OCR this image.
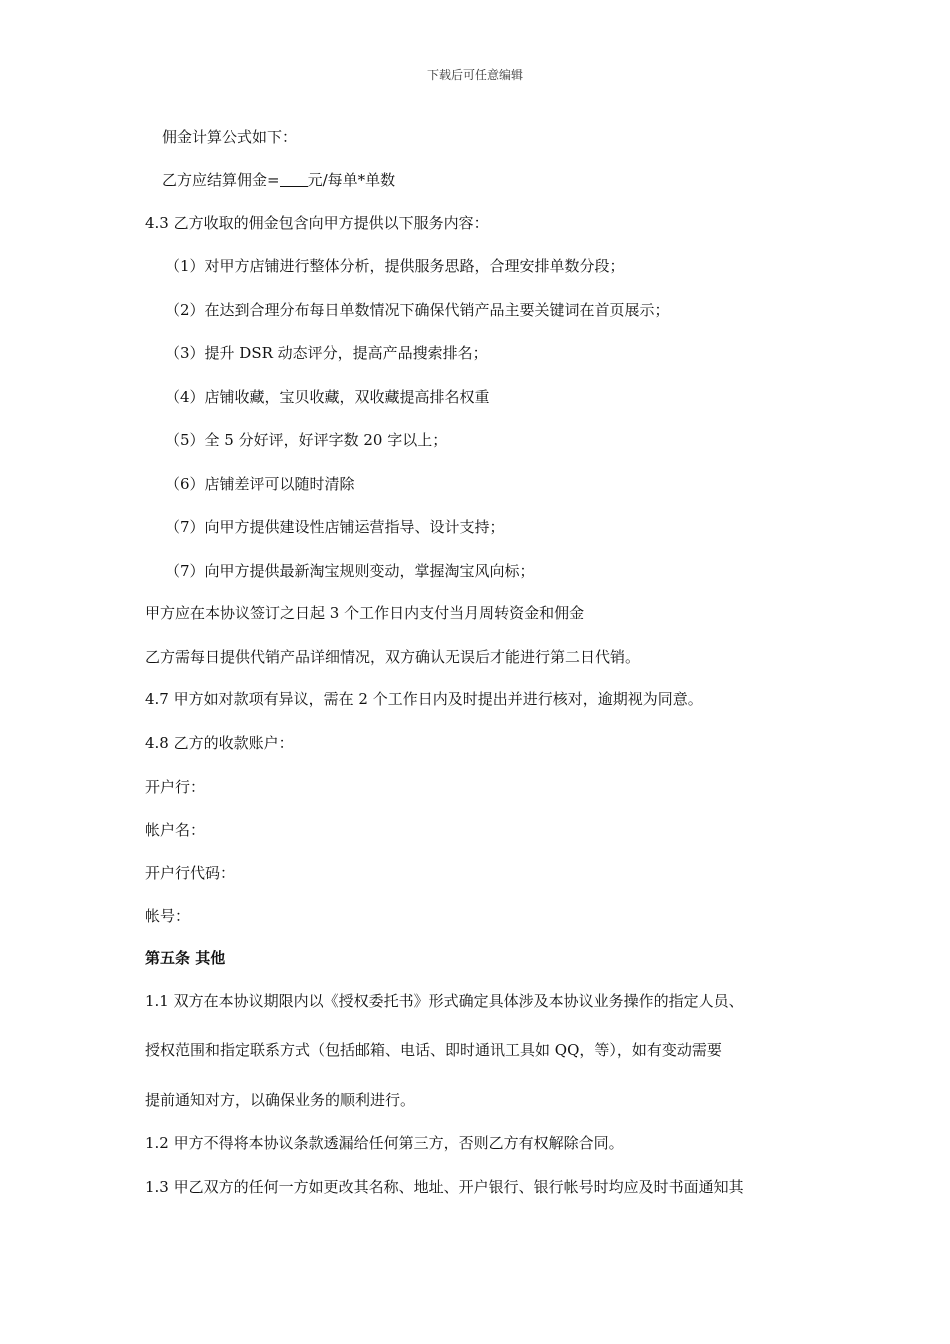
下载后可任意编辑
佣金计算公式如下：
乙方应结算佣金= 元/每单*单数
4.3 乙方收取的佣金包含向甲方提供以下服务内容：
（1）对甲方店铺进行整体分析，提供服务思路，合理安排单数分段；
（2）在达到合理分布每日单数情况下确保代销产品主要关键词在首页展示；
（3）提升 DSR 动态评分，提高产品搜索排名；
（4）店铺收藏，宝贝收藏，双收藏提高排名权重
（5）全 5 分好评，好评字数 20 字以上；
（6）店铺差评可以随时清除
（7）向甲方提供建设性店铺运营指导、设计支持；
（7）向甲方提供最新淘宝规则变动，掌握淘宝风向标；
甲方应在本协议签订之日起 3 个工作日内支付当月周转资金和佣金
乙方需每日提供代销产品详细情况，双方确认无误后才能进行第二日代销。
4.7 甲方如对款项有异议，需在 2 个工作日内及时提出并进行核对，逾期视为同意。
4.8 乙方的收款账户：
开户行：
帐户名：
开户行代码：
帐号：
第五条 其他
1.1 双方在本协议期限内以《授权委托书》形式确定具体涉及本协议业务操作的指定人员、
授权范围和指定联系方式（包括邮箱、电话、即时通讯工具如 QQ，等），如有变动需要
提前通知对方，以确保业务的顺利进行。
1.2 甲方不得将本协议条款透漏给任何第三方，否则乙方有权解除合同。
1.3 甲乙双方的任何一方如更改其名称、地址、开户银行、银行帐号时均应及时书面通知其
